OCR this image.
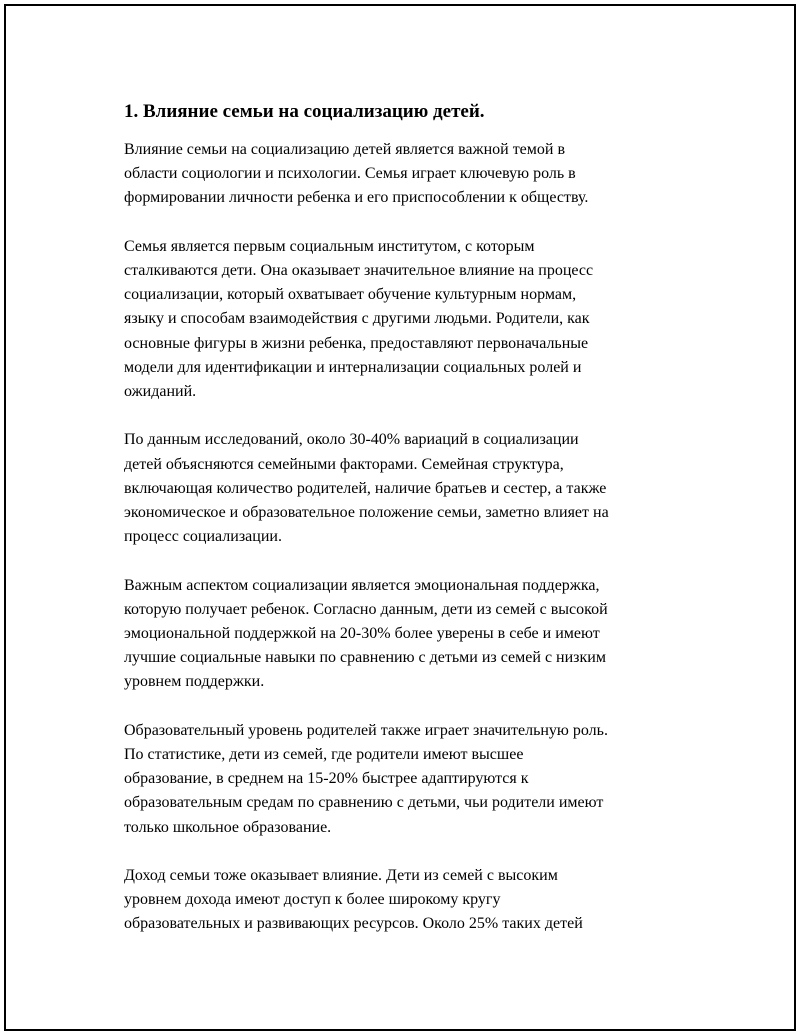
1. Влияние семьи на социализацию детей.

Влияние семьи на социализацию детей является важной темой в
области социологии и психологии. Семья играет ключевую роль в
формировании личности ребенка и его приспособлении к обществу.

Семья является первым социальным институтом, с которым
сталкиваются дети. Она оказывает значительное влияние на процесс
социализации, который охватывает обучение культурным нормам,
языку и способам взаимодействия с другими людьми. Родители, как
основные фигуры в жизни ребенка, предоставляют первоначальные
модели для идентификации и интернализации социальных ролей и
ожиданий.

По данным исследований, около 30-40% вариаций в социализации
детей объясняются семейными факторами. Семейная структура,
включающая количество родителей, наличие братьев и сестер, а также
экономическое и образовательное положение семьи, заметно влияет на
процесс социализации.

Важным аспектом социализации является эмоциональная поддержка,
которую получает ребенок. Согласно данным, дети из семей с высокой
эмоциональной поддержкой на 20-30% более уверены в себе и имеют
лучшие социальные навыки по сравнению с детьми из семей с низким
уровнем поддержки.

Образовательный уровень родителей также играет значительную роль.
По статистике, дети из семей, где родители имеют высшее
образование, в среднем на 15-20% быстрее адаптируются к
образовательным средам по сравнению с детьми, чьи родители имеют
только школьное образование.

Доход семьи тоже оказывает влияние. Дети из семей с высоким
уровнем дохода имеют доступ к более широкому кругу
образовательных и развивающих ресурсов. Около 25% таких детей
